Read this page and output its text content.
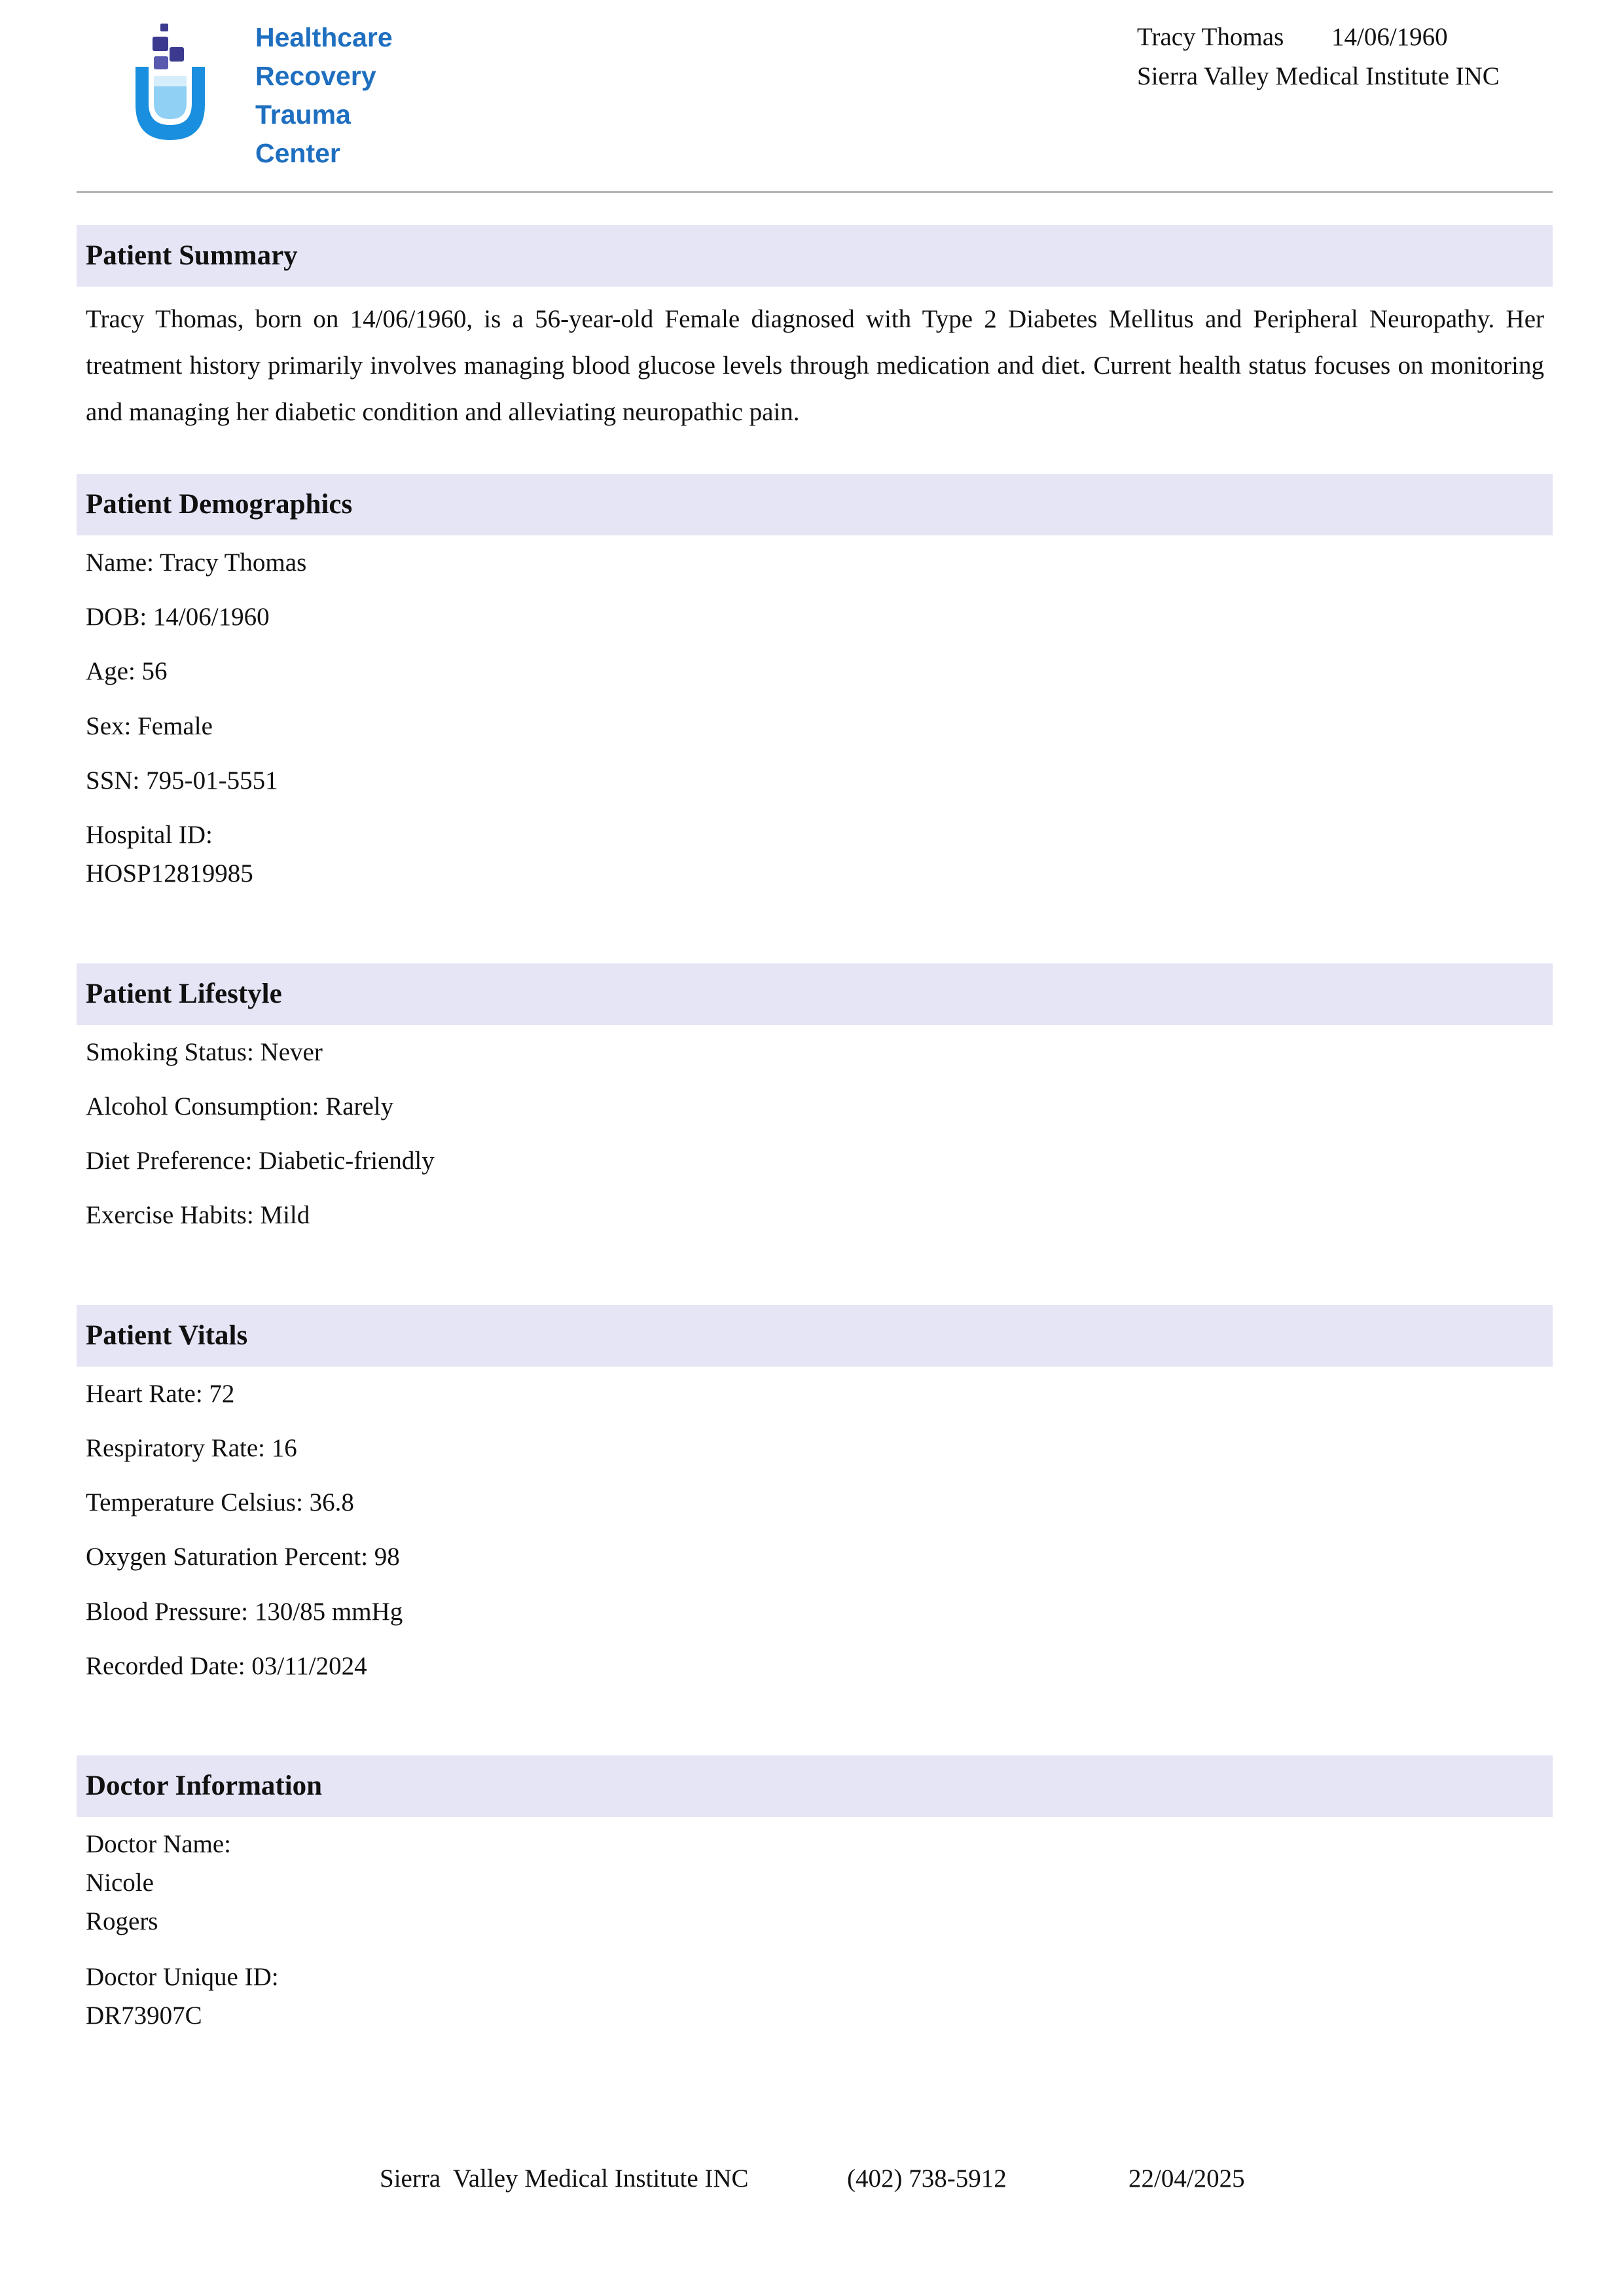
Healthcare
Recovery
Trauma
Center
Tracy Thomas 14/06/1960
Sierra Valley Medical Institute INC
Patient Summary
Tracy Thomas, born on 14/06/1960, is a 56-year-old Female diagnosed with Type 2 Diabetes Mellitus and Peripheral Neuropathy. Her treatment history primarily involves managing blood glucose levels through medication and diet. Current health status focuses on monitoring and managing her diabetic condition and alleviating neuropathic pain.
Patient Demographics
Name: Tracy Thomas
DOB: 14/06/1960
Age: 56
Sex: Female
SSN: 795-01-5551
Hospital ID:
HOSP12819985
Patient Lifestyle
Smoking Status: Never
Alcohol Consumption: Rarely
Diet Preference: Diabetic-friendly
Exercise Habits: Mild
Patient Vitals
Heart Rate: 72
Respiratory Rate: 16
Temperature Celsius: 36.8
Oxygen Saturation Percent: 98
Blood Pressure: 130/85 mmHg
Recorded Date: 03/11/2024
Doctor Information
Doctor Name:
Nicole
Rogers
Doctor Unique ID:
DR73907C
Sierra  Valley Medical Institute INC	(402) 738-5912	22/04/2025
